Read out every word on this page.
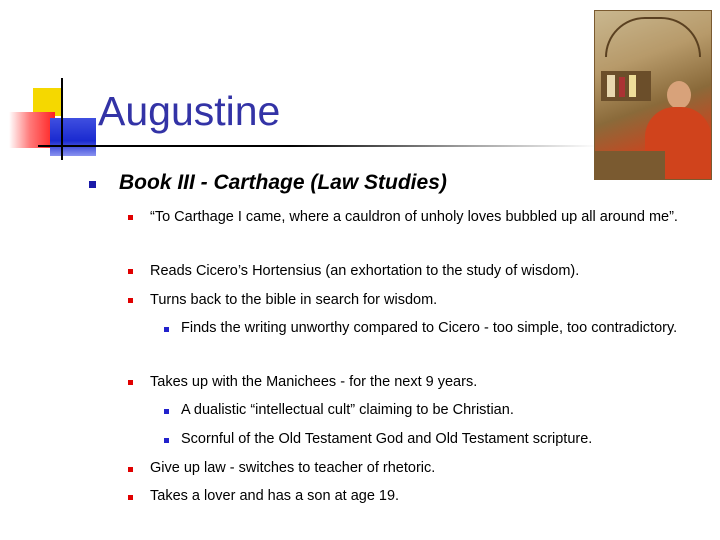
Augustine
Book III - Carthage (Law Studies)
“To Carthage I came, where a cauldron of unholy loves bubbled up all around me”.
Reads Cicero’s Hortensius (an exhortation to the study of wisdom).
Turns back to the bible in search for wisdom.
Finds the writing unworthy compared to Cicero - too simple, too contradictory.
Takes up with the Manichees - for the next 9 years.
A dualistic “intellectual cult” claiming to be Christian.
Scornful of the Old Testament God and Old Testament scripture.
Give up law - switches to teacher of rhetoric.
Takes a lover and has a son at age 19.
